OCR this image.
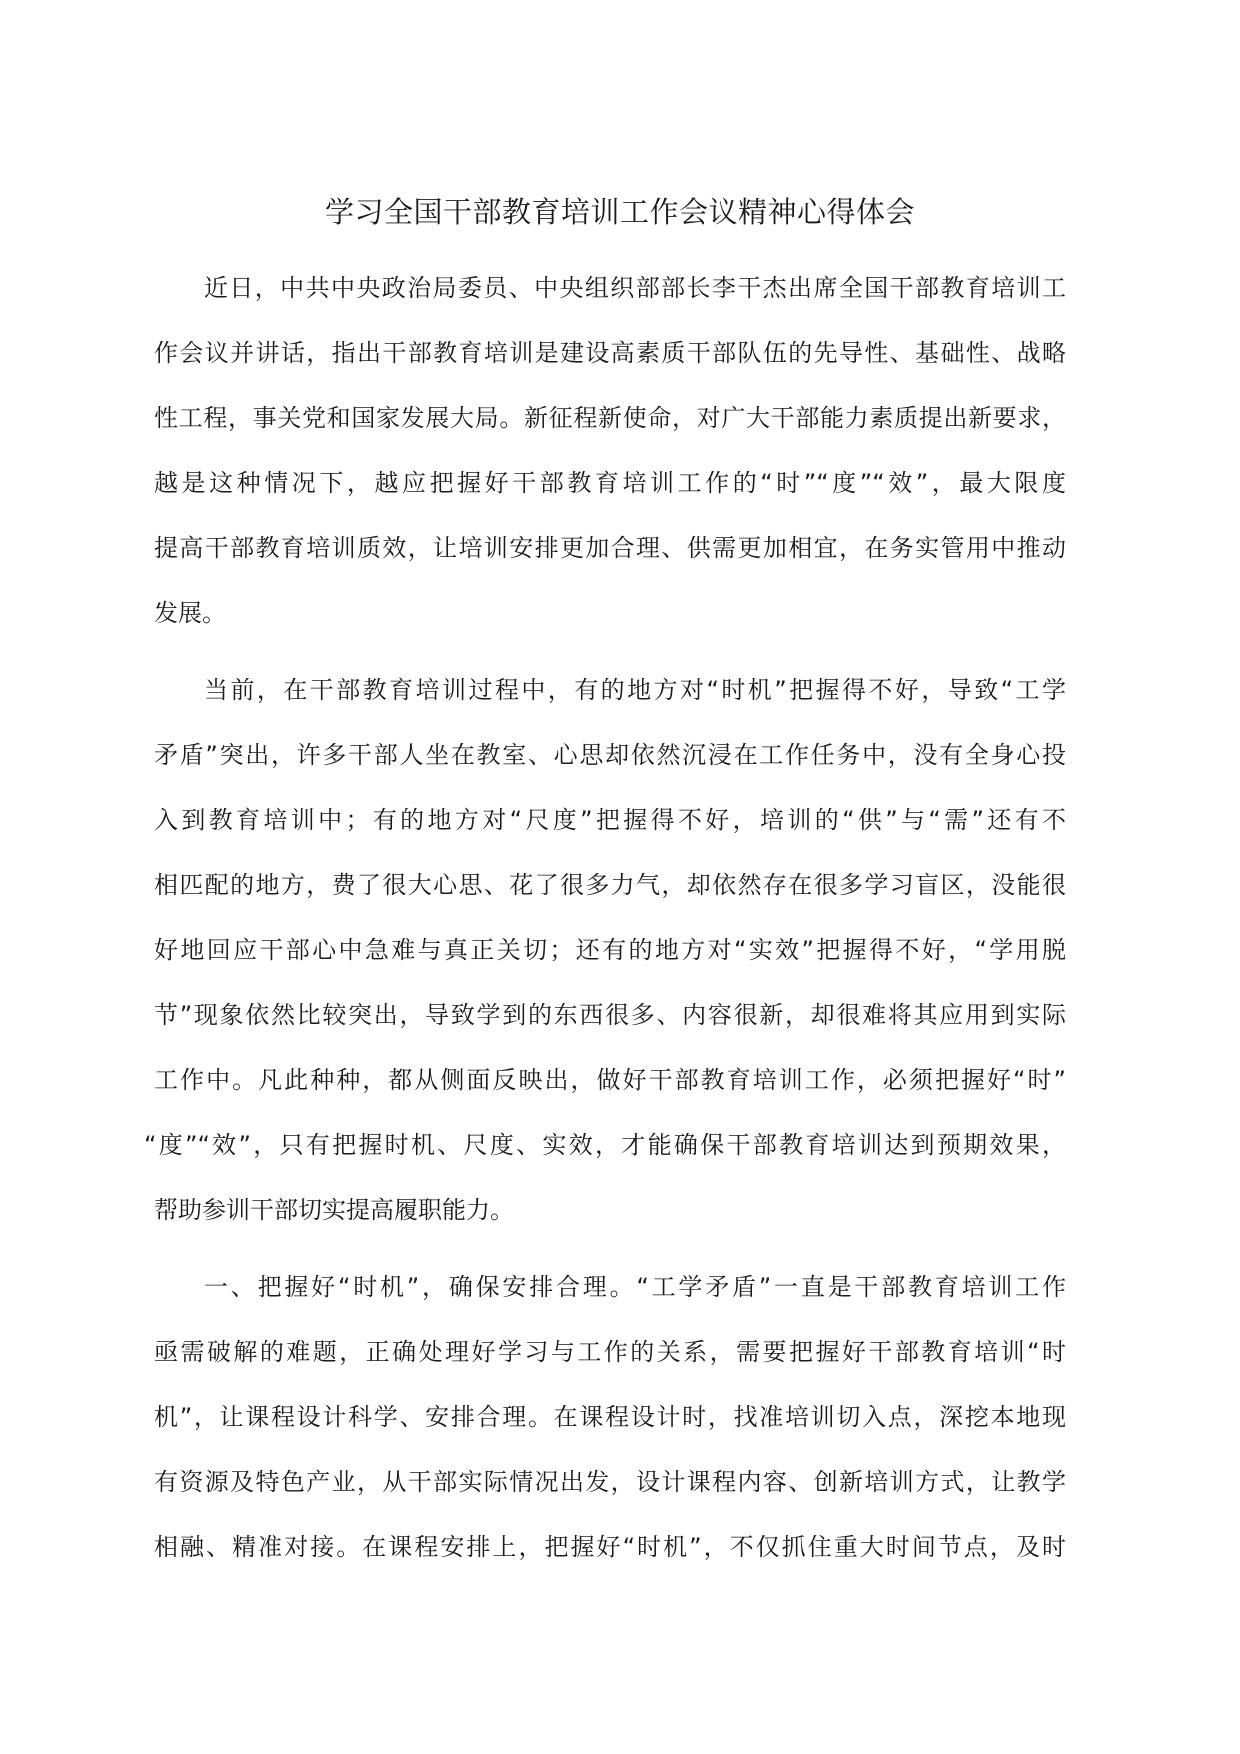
学习全国干部教育培训工作会议精神心得体会
近日，中共中央政治局委员、中央组织部部长李干杰出席全国干部教育培训工
作会议并讲话，指出干部教育培训是建设高素质干部队伍的先导性、基础性、战略
性工程，事关党和国家发展大局。新征程新使命，对广大干部能力素质提出新要求，
越是这种情况下，越应把握好干部教育培训工作的“时”“度”“效”，最大限度
提高干部教育培训质效，让培训安排更加合理、供需更加相宜，在务实管用中推动
发展。
当前，在干部教育培训过程中，有的地方对“时机”把握得不好，导致“工学
矛盾”突出，许多干部人坐在教室、心思却依然沉浸在工作任务中，没有全身心投
入到教育培训中；有的地方对“尺度”把握得不好，培训的“供”与“需”还有不
相匹配的地方，费了很大心思、花了很多力气，却依然存在很多学习盲区，没能很
好地回应干部心中急难与真正关切；还有的地方对“实效”把握得不好，“学用脱
节”现象依然比较突出，导致学到的东西很多、内容很新，却很难将其应用到实际
工作中。凡此种种，都从侧面反映出，做好干部教育培训工作，必须把握好“时”
“度”“效”，只有把握时机、尺度、实效，才能确保干部教育培训达到预期效果，
帮助参训干部切实提高履职能力。
一、把握好“时机”，确保安排合理。“工学矛盾”一直是干部教育培训工作
亟需破解的难题，正确处理好学习与工作的关系，需要把握好干部教育培训“时
机”，让课程设计科学、安排合理。在课程设计时，找准培训切入点，深挖本地现
有资源及特色产业，从干部实际情况出发，设计课程内容、创新培训方式，让教学
相融、精准对接。在课程安排上，把握好“时机”，不仅抓住重大时间节点，及时
